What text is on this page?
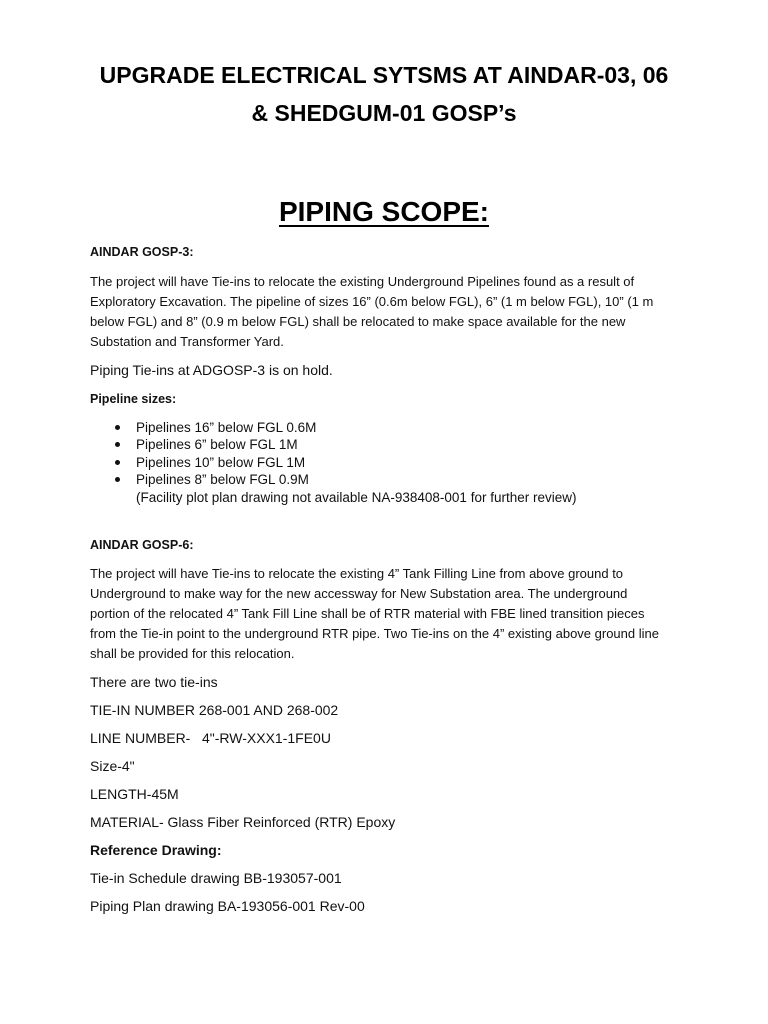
UPGRADE ELECTRICAL SYTSMS AT AINDAR-03, 06
& SHEDGUM-01 GOSP’s
PIPING SCOPE:
AINDAR GOSP-3:
The project will have Tie-ins to relocate the existing Underground Pipelines found as a result of
Exploratory Excavation. The pipeline of sizes 16” (0.6m below FGL), 6” (1 m below FGL), 10” (1 m
below FGL) and 8” (0.9 m below FGL) shall be relocated to make space available for the new
Substation and Transformer Yard.
Piping Tie-ins at ADGOSP-3 is on hold.
Pipeline sizes:
Pipelines 16” below FGL 0.6M
Pipelines 6” below FGL 1M
Pipelines 10” below FGL 1M
Pipelines 8” below FGL 0.9M
(Facility plot plan drawing not available NA-938408-001 for further review)
AINDAR GOSP-6:
The project will have Tie-ins to relocate the existing 4” Tank Filling Line from above ground to
Underground to make way for the new accessway for New Substation area. The underground
portion of the relocated 4” Tank Fill Line shall be of RTR material with FBE lined transition pieces
from the Tie-in point to the underground RTR pipe. Two Tie-ins on the 4” existing above ground line
shall be provided for this relocation.
There are two tie-ins
TIE-IN NUMBER 268-001 AND 268-002
LINE NUMBER-   4"-RW-XXX1-1FE0U
Size-4"
LENGTH-45M
MATERIAL- Glass Fiber Reinforced (RTR) Epoxy
Reference Drawing:
Tie-in Schedule drawing BB-193057-001
Piping Plan drawing BA-193056-001 Rev-00
